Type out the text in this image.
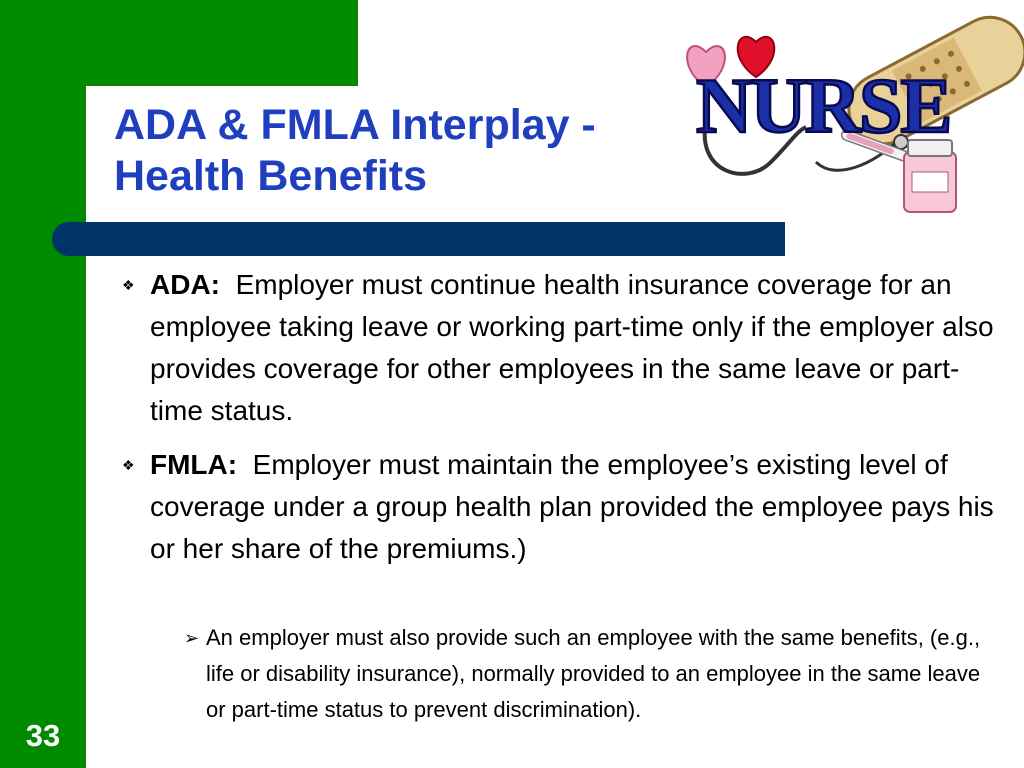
ADA & FMLA Interplay -
Health Benefits
NURSE
❖ ADA: Employer must continue health insurance coverage for an employee taking leave or working part-time only if the employer also provides coverage for other employees in the same leave or part-time status.
❖ FMLA: Employer must maintain the employee’s existing level of coverage under a group health plan provided the employee pays his or her share of the premiums.)
➢ An employer must also provide such an employee with the same benefits, (e.g., life or disability insurance), normally provided to an employee in the same leave or part-time status to prevent discrimination).
33
